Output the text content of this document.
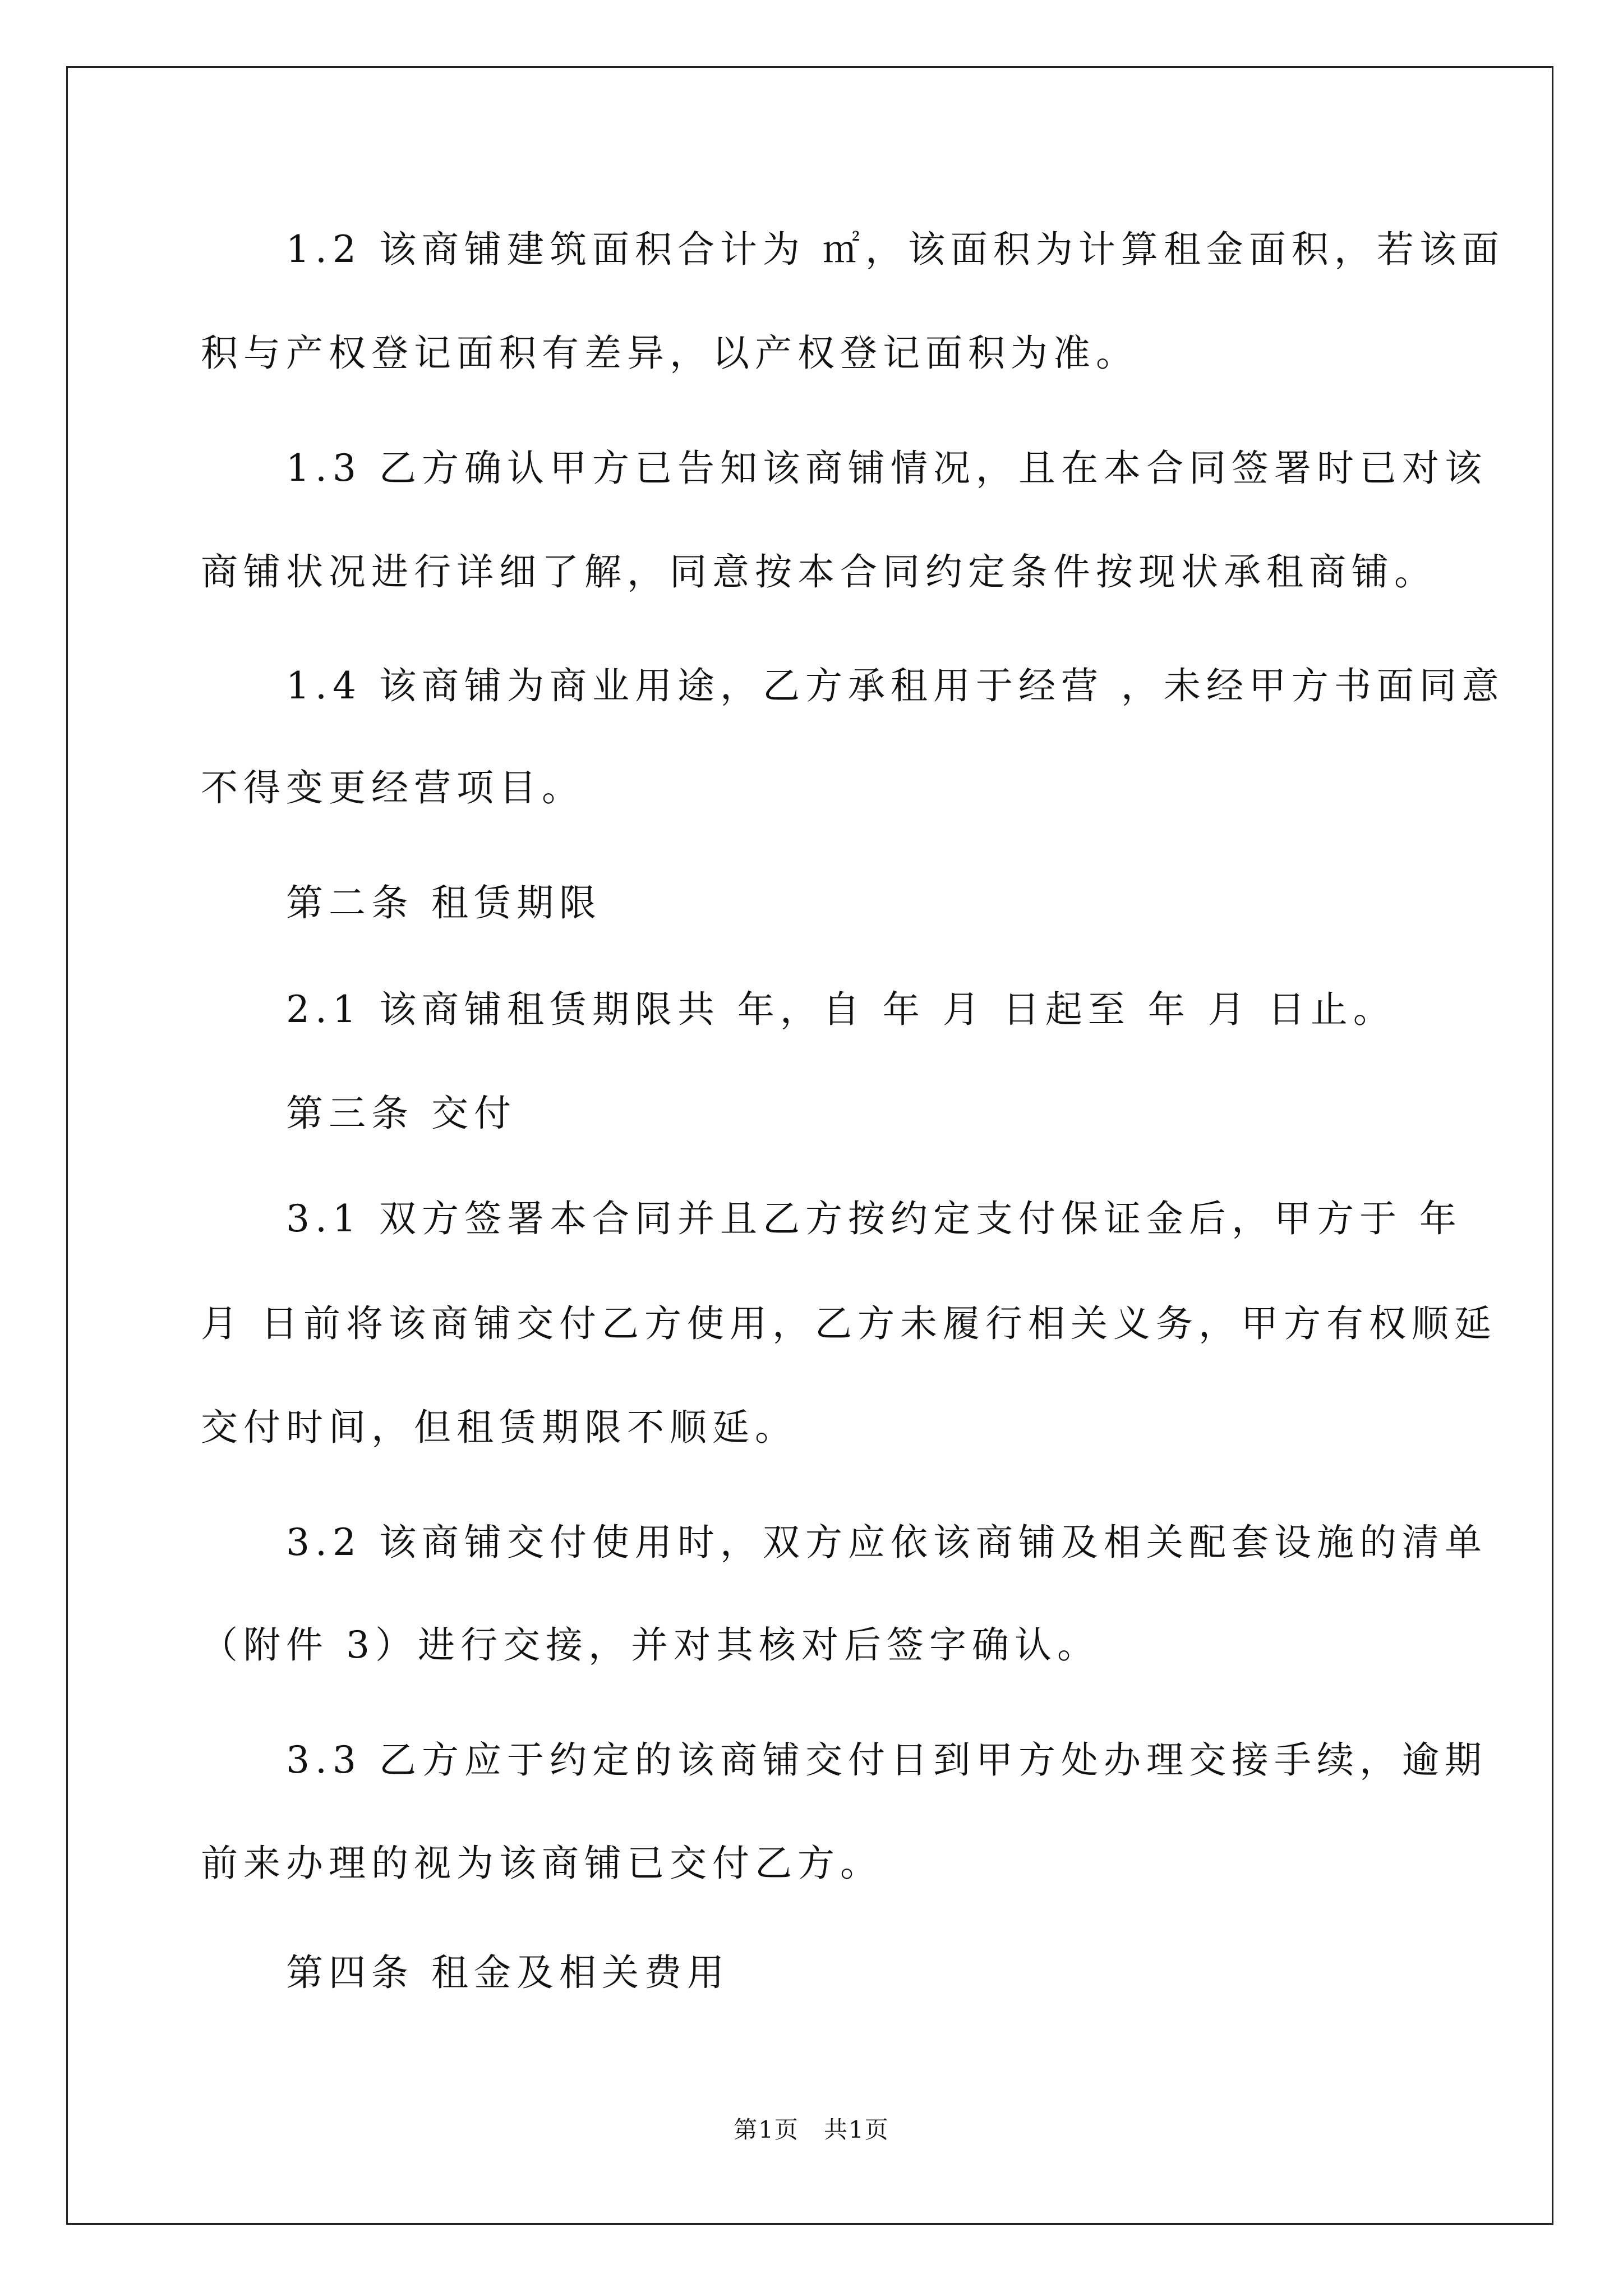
　　1.2 该商铺建筑面积合计为 ㎡，该面积为计算租金面积，若该面
积与产权登记面积有差异，以产权登记面积为准。
　　1.3 乙方确认甲方已告知该商铺情况，且在本合同签署时已对该
商铺状况进行详细了解，同意按本合同约定条件按现状承租商铺。
　　1.4 该商铺为商业用途，乙方承租用于经营 ，未经甲方书面同意
不得变更经营项目。
　　第二条 租赁期限
　　2.1 该商铺租赁期限共 年，自 年 月 日起至 年 月 日止。
　　第三条 交付
　　3.1 双方签署本合同并且乙方按约定支付保证金后，甲方于 年
月 日前将该商铺交付乙方使用，乙方未履行相关义务，甲方有权顺延
交付时间，但租赁期限不顺延。
　　3.2 该商铺交付使用时，双方应依该商铺及相关配套设施的清单
（附件 3）进行交接，并对其核对后签字确认。
　　3.3 乙方应于约定的该商铺交付日到甲方处办理交接手续，逾期
前来办理的视为该商铺已交付乙方。
　　第四条 租金及相关费用
第1页　共1页
